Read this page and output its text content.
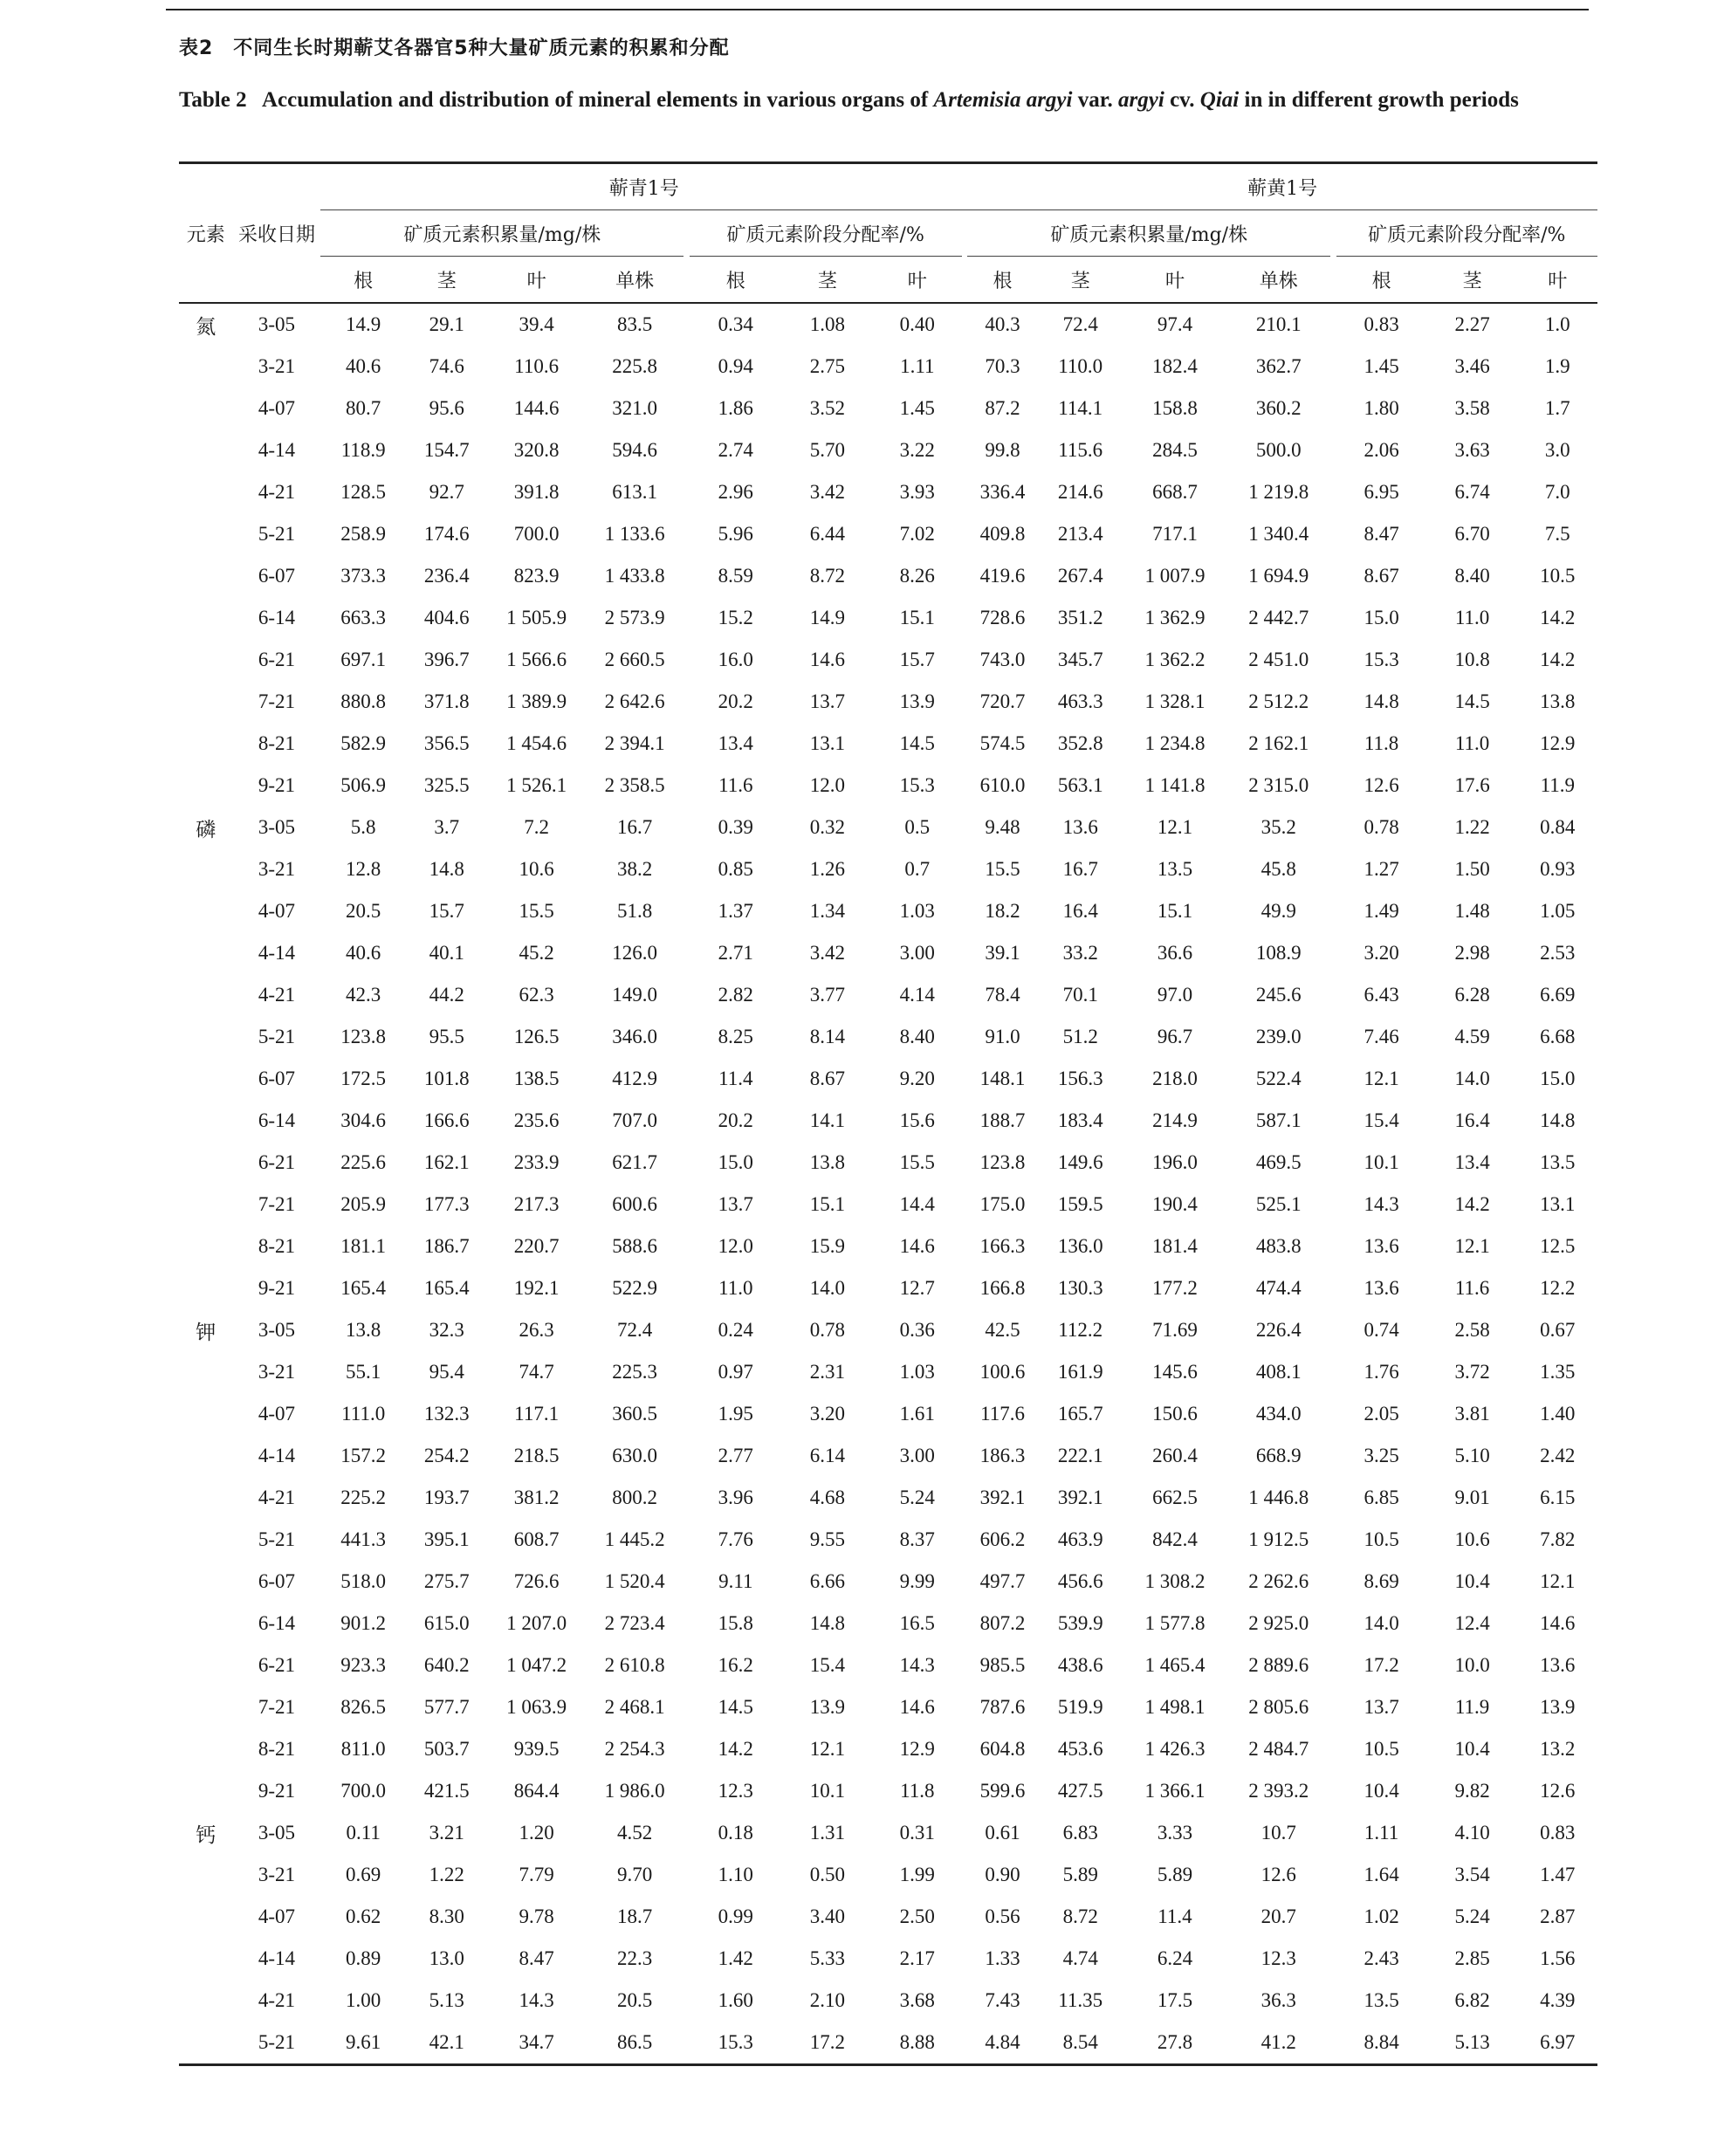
表2　不同生长时期蕲艾各器官5种大量矿质元素的积累和分配
Table 2 Accumulation and distribution of mineral elements in various organs of Artemisia argyi var. argyi cv. Qiai in in different growth periods
		蕲青1号									蕲黄1号							
元素	采收日期	矿质元素积累量/mg/株					矿质元素阶段分配率/%				矿质元素积累量/mg/株					矿质元素阶段分配率/%		
		根	茎	叶	单株		根	茎	叶		根	茎	叶	单株		根	茎	叶
氮	3-05	14.9	29.1	39.4	83.5		0.34	1.08	0.40		40.3	72.4	97.4	210.1		0.83	2.27	1.0
	3-21	40.6	74.6	110.6	225.8		0.94	2.75	1.11		70.3	110.0	182.4	362.7		1.45	3.46	1.9
	4-07	80.7	95.6	144.6	321.0		1.86	3.52	1.45		87.2	114.1	158.8	360.2		1.80	3.58	1.7
	4-14	118.9	154.7	320.8	594.6		2.74	5.70	3.22		99.8	115.6	284.5	500.0		2.06	3.63	3.0
	4-21	128.5	92.7	391.8	613.1		2.96	3.42	3.93		336.4	214.6	668.7	1 219.8		6.95	6.74	7.0
	5-21	258.9	174.6	700.0	1 133.6		5.96	6.44	7.02		409.8	213.4	717.1	1 340.4		8.47	6.70	7.5
	6-07	373.3	236.4	823.9	1 433.8		8.59	8.72	8.26		419.6	267.4	1 007.9	1 694.9		8.67	8.40	10.5
	6-14	663.3	404.6	1 505.9	2 573.9		15.2	14.9	15.1		728.6	351.2	1 362.9	2 442.7		15.0	11.0	14.2
	6-21	697.1	396.7	1 566.6	2 660.5		16.0	14.6	15.7		743.0	345.7	1 362.2	2 451.0		15.3	10.8	14.2
	7-21	880.8	371.8	1 389.9	2 642.6		20.2	13.7	13.9		720.7	463.3	1 328.1	2 512.2		14.8	14.5	13.8
	8-21	582.9	356.5	1 454.6	2 394.1		13.4	13.1	14.5		574.5	352.8	1 234.8	2 162.1		11.8	11.0	12.9
	9-21	506.9	325.5	1 526.1	2 358.5		11.6	12.0	15.3		610.0	563.1	1 141.8	2 315.0		12.6	17.6	11.9
磷	3-05	5.8	3.7	7.2	16.7		0.39	0.32	0.5		9.48	13.6	12.1	35.2		0.78	1.22	0.84
	3-21	12.8	14.8	10.6	38.2		0.85	1.26	0.7		15.5	16.7	13.5	45.8		1.27	1.50	0.93
	4-07	20.5	15.7	15.5	51.8		1.37	1.34	1.03		18.2	16.4	15.1	49.9		1.49	1.48	1.05
	4-14	40.6	40.1	45.2	126.0		2.71	3.42	3.00		39.1	33.2	36.6	108.9		3.20	2.98	2.53
	4-21	42.3	44.2	62.3	149.0		2.82	3.77	4.14		78.4	70.1	97.0	245.6		6.43	6.28	6.69
	5-21	123.8	95.5	126.5	346.0		8.25	8.14	8.40		91.0	51.2	96.7	239.0		7.46	4.59	6.68
	6-07	172.5	101.8	138.5	412.9		11.4	8.67	9.20		148.1	156.3	218.0	522.4		12.1	14.0	15.0
	6-14	304.6	166.6	235.6	707.0		20.2	14.1	15.6		188.7	183.4	214.9	587.1		15.4	16.4	14.8
	6-21	225.6	162.1	233.9	621.7		15.0	13.8	15.5		123.8	149.6	196.0	469.5		10.1	13.4	13.5
	7-21	205.9	177.3	217.3	600.6		13.7	15.1	14.4		175.0	159.5	190.4	525.1		14.3	14.2	13.1
	8-21	181.1	186.7	220.7	588.6		12.0	15.9	14.6		166.3	136.0	181.4	483.8		13.6	12.1	12.5
	9-21	165.4	165.4	192.1	522.9		11.0	14.0	12.7		166.8	130.3	177.2	474.4		13.6	11.6	12.2
钾	3-05	13.8	32.3	26.3	72.4		0.24	0.78	0.36		42.5	112.2	71.69	226.4		0.74	2.58	0.67
	3-21	55.1	95.4	74.7	225.3		0.97	2.31	1.03		100.6	161.9	145.6	408.1		1.76	3.72	1.35
	4-07	111.0	132.3	117.1	360.5		1.95	3.20	1.61		117.6	165.7	150.6	434.0		2.05	3.81	1.40
	4-14	157.2	254.2	218.5	630.0		2.77	6.14	3.00		186.3	222.1	260.4	668.9		3.25	5.10	2.42
	4-21	225.2	193.7	381.2	800.2		3.96	4.68	5.24		392.1	392.1	662.5	1 446.8		6.85	9.01	6.15
	5-21	441.3	395.1	608.7	1 445.2		7.76	9.55	8.37		606.2	463.9	842.4	1 912.5		10.5	10.6	7.82
	6-07	518.0	275.7	726.6	1 520.4		9.11	6.66	9.99		497.7	456.6	1 308.2	2 262.6		8.69	10.4	12.1
	6-14	901.2	615.0	1 207.0	2 723.4		15.8	14.8	16.5		807.2	539.9	1 577.8	2 925.0		14.0	12.4	14.6
	6-21	923.3	640.2	1 047.2	2 610.8		16.2	15.4	14.3		985.5	438.6	1 465.4	2 889.6		17.2	10.0	13.6
	7-21	826.5	577.7	1 063.9	2 468.1		14.5	13.9	14.6		787.6	519.9	1 498.1	2 805.6		13.7	11.9	13.9
	8-21	811.0	503.7	939.5	2 254.3		14.2	12.1	12.9		604.8	453.6	1 426.3	2 484.7		10.5	10.4	13.2
	9-21	700.0	421.5	864.4	1 986.0		12.3	10.1	11.8		599.6	427.5	1 366.1	2 393.2		10.4	9.82	12.6
钙	3-05	0.11	3.21	1.20	4.52		0.18	1.31	0.31		0.61	6.83	3.33	10.7		1.11	4.10	0.83
	3-21	0.69	1.22	7.79	9.70		1.10	0.50	1.99		0.90	5.89	5.89	12.6		1.64	3.54	1.47
	4-07	0.62	8.30	9.78	18.7		0.99	3.40	2.50		0.56	8.72	11.4	20.7		1.02	5.24	2.87
	4-14	0.89	13.0	8.47	22.3		1.42	5.33	2.17		1.33	4.74	6.24	12.3		2.43	2.85	1.56
	4-21	1.00	5.13	14.3	20.5		1.60	2.10	3.68		7.43	11.35	17.5	36.3		13.5	6.82	4.39
	5-21	9.61	42.1	34.7	86.5		15.3	17.2	8.88		4.84	8.54	27.8	41.2		8.84	5.13	6.97
